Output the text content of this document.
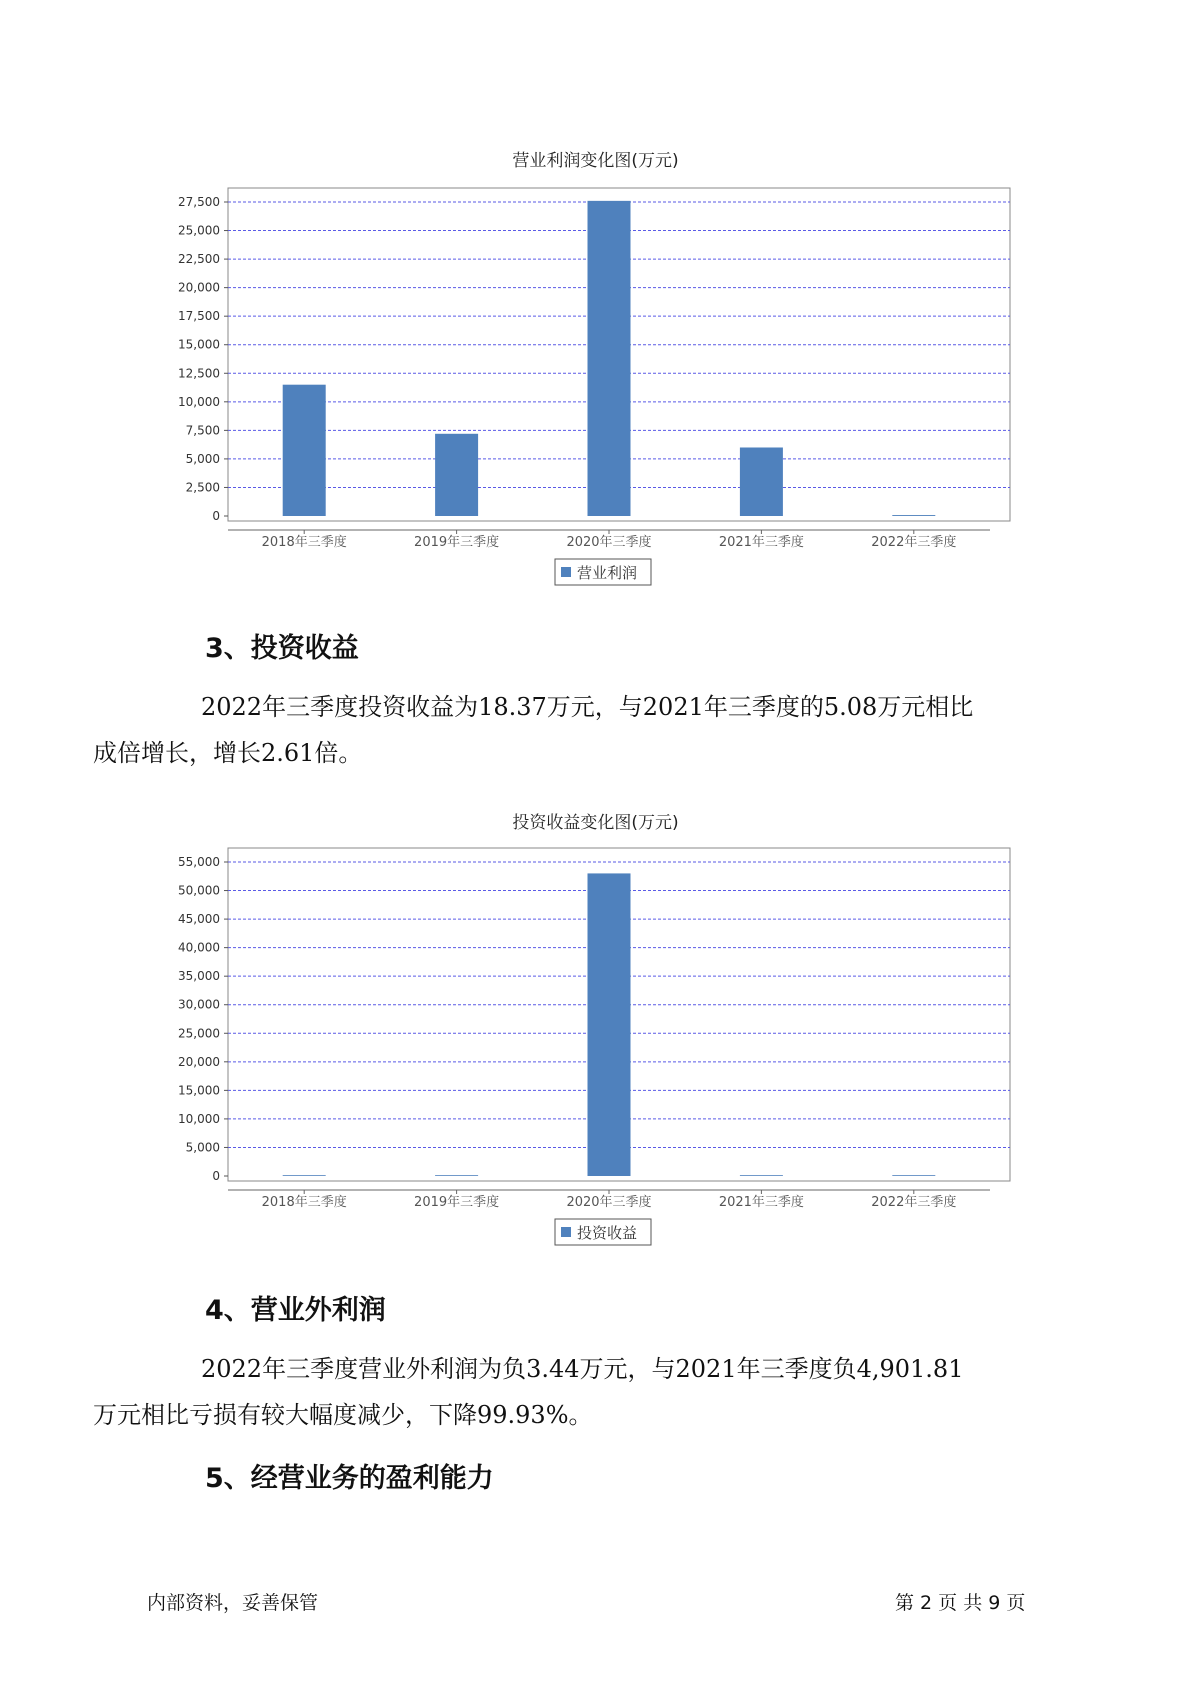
营业利润变化图(万元)
0
2,500
5,000
7,500
10,000
12,500
15,000
17,500
20,000
22,500
25,000
27,500
2018年三季度	2019年三季度	2020年三季度	2021年三季度	2022年三季度
营业利润
3、投资收益

2022年三季度投资收益为18.37万元，与2021年三季度的5.08万元相比
成倍增长，增长2.61倍。

投资收益变化图(万元)
0
5,000
10,000
15,000
20,000
25,000
30,000
35,000
40,000
45,000
50,000
55,000
2018年三季度	2019年三季度	2020年三季度	2021年三季度	2022年三季度
投资收益
4、营业外利润

2022年三季度营业外利润为负3.44万元，与2021年三季度负4,901.81
万元相比亏损有较大幅度减少，下降99.93%。

5、经营业务的盈利能力
内部资料，妥善保管	第 2 页 共 9 页
